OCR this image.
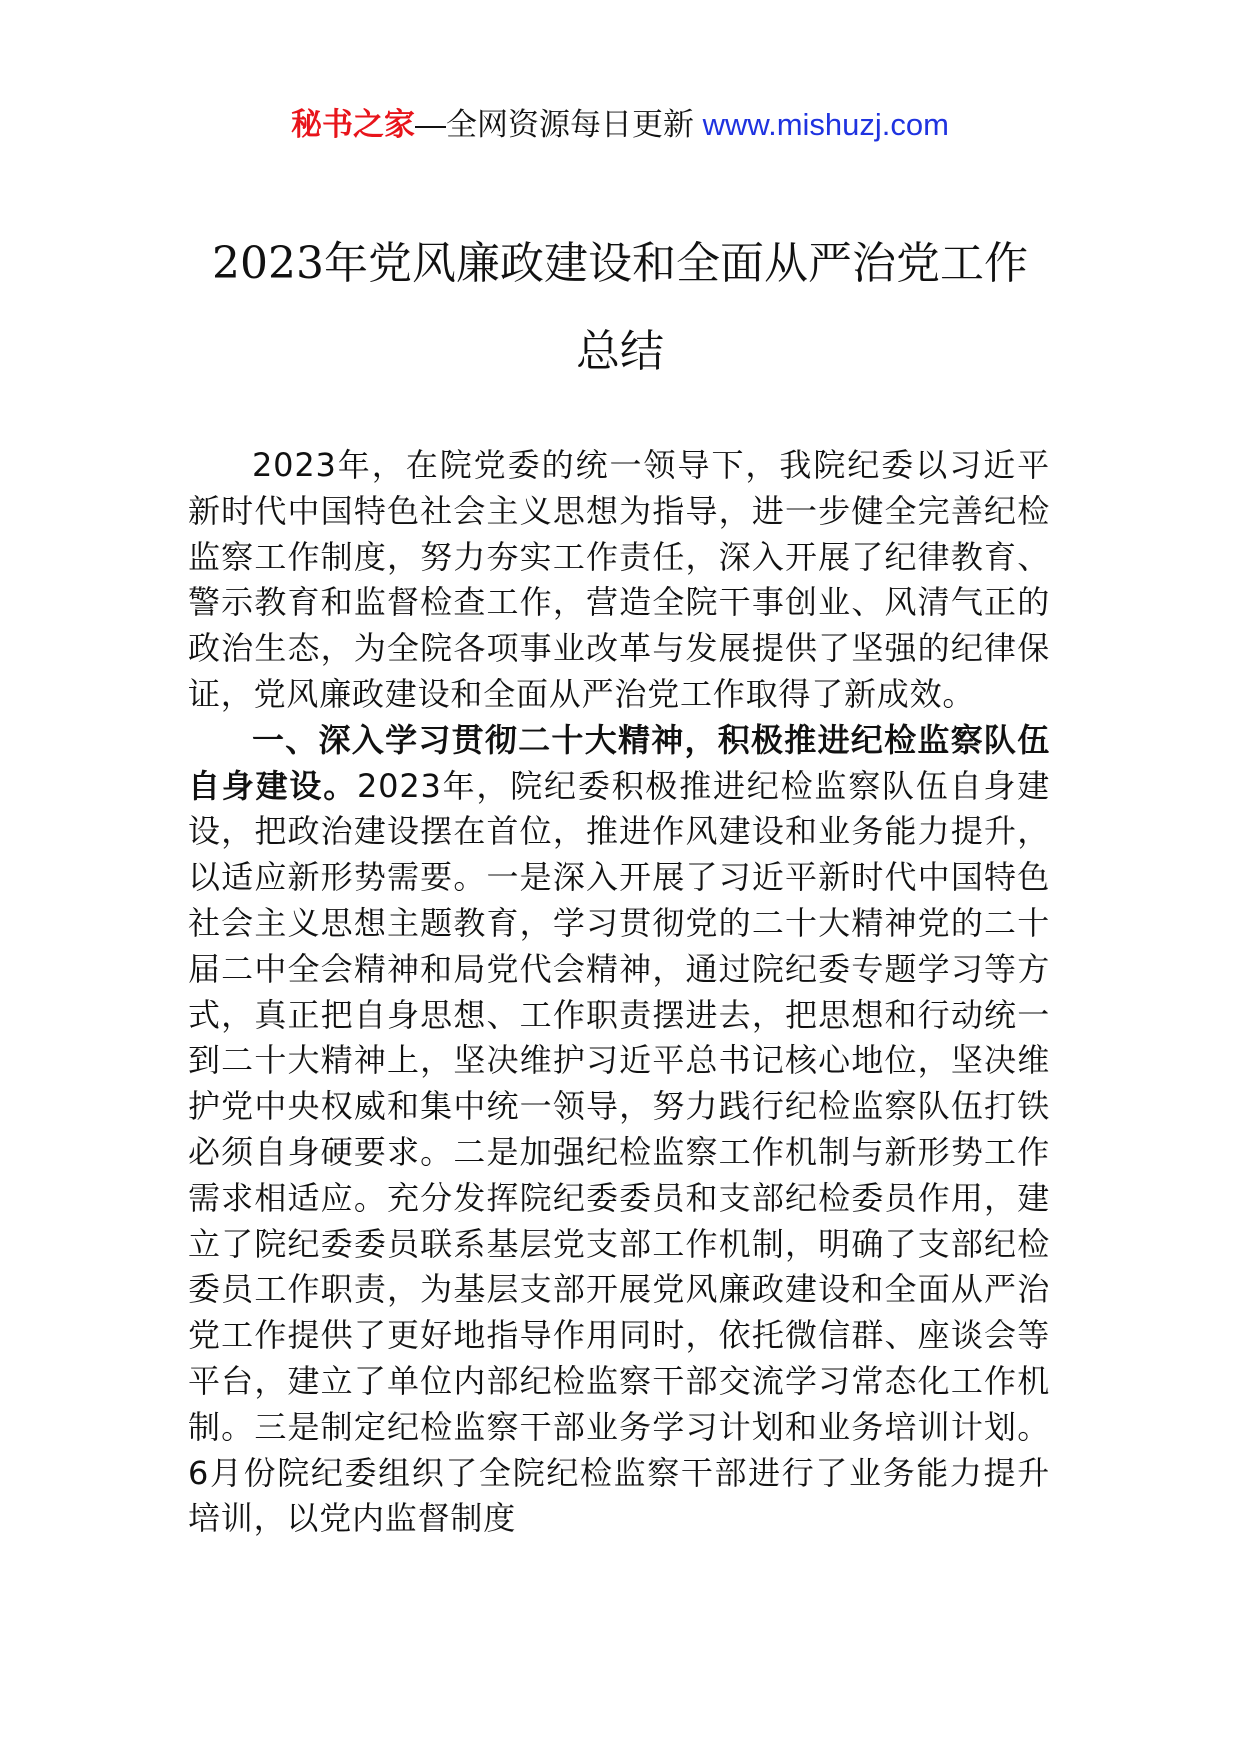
秘书之家—全网资源每日更新 www.mishuzj.com
2023年党风廉政建设和全面从严治党工作
总结

2023年，在院党委的统一领导下，我院纪委以习近平新时代中国特色社会主义思想为指导，进一步健全完善纪检监察工作制度，努力夯实工作责任，深入开展了纪律教育、警示教育和监督检查工作，营造全院干事创业、风清气正的政治生态，为全院各项事业改革与发展提供了坚强的纪律保证，党风廉政建设和全面从严治党工作取得了新成效。

一、深入学习贯彻二十大精神，积极推进纪检监察队伍自身建设。2023年，院纪委积极推进纪检监察队伍自身建设，把政治建设摆在首位，推进作风建设和业务能力提升，以适应新形势需要。一是深入开展了习近平新时代中国特色社会主义思想主题教育，学习贯彻党的二十大精神党的二十届二中全会精神和局党代会精神，通过院纪委专题学习等方式，真正把自身思想、工作职责摆进去，把思想和行动统一到二十大精神上，坚决维护习近平总书记核心地位，坚决维护党中央权威和集中统一领导，努力践行纪检监察队伍打铁必须自身硬要求。二是加强纪检监察工作机制与新形势工作需求相适应。充分发挥院纪委委员和支部纪检委员作用，建立了院纪委委员联系基层党支部工作机制，明确了支部纪检委员工作职责，为基层支部开展党风廉政建设和全面从严治党工作提供了更好地指导作用同时，依托微信群、座谈会等平台，建立了单位内部纪检监察干部交流学习常态化工作机制。三是制定纪检监察干部业务学习计划和业务培训计划。6月份院纪委组织了全院纪检监察干部进行了业务能力提升培训，以党内监督制度
